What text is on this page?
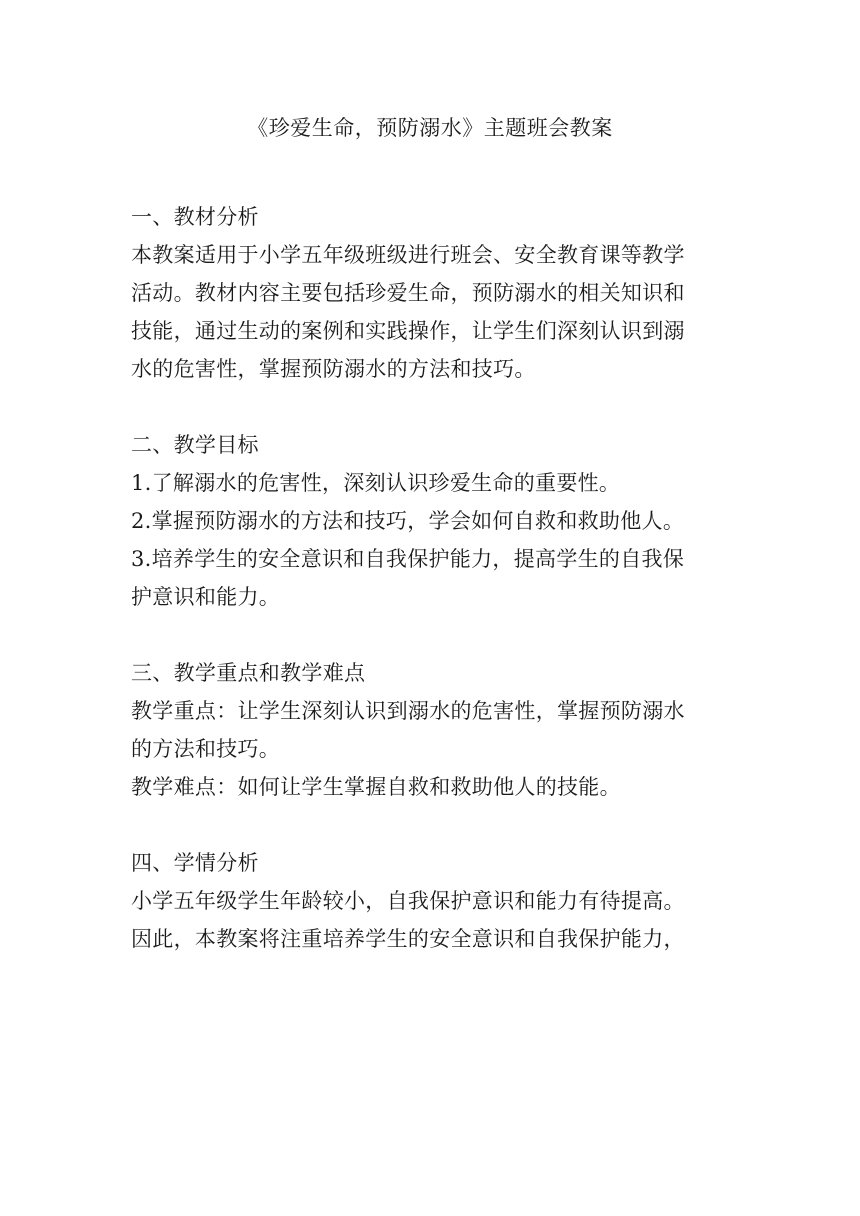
《珍爱生命，预防溺水》主题班会教案
一、教材分析
本教案适用于小学五年级班级进行班会、安全教育课等教学
活动。教材内容主要包括珍爱生命，预防溺水的相关知识和
技能，通过生动的案例和实践操作，让学生们深刻认识到溺
水的危害性，掌握预防溺水的方法和技巧。
二、教学目标
1.了解溺水的危害性，深刻认识珍爱生命的重要性。
2.掌握预防溺水的方法和技巧，学会如何自救和救助他人。
3.培养学生的安全意识和自我保护能力，提高学生的自我保
护意识和能力。
三、教学重点和教学难点
教学重点：让学生深刻认识到溺水的危害性，掌握预防溺水
的方法和技巧。
教学难点：如何让学生掌握自救和救助他人的技能。
四、学情分析
小学五年级学生年龄较小，自我保护意识和能力有待提高。
因此，本教案将注重培养学生的安全意识和自我保护能力，
